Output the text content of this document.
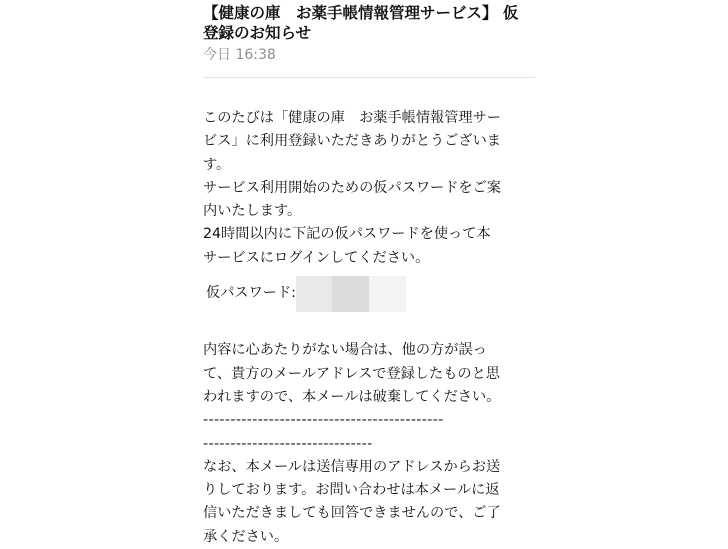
【健康の庫　お薬手帳情報管理サービス】 仮
登録のお知らせ
今日 16:38
このたびは「健康の庫　お薬手帳情報管理サー
ビス」に利用登録いただきありがとうございま
す。
サービス利用開始のための仮パスワードをご案
内いたします。
24時間以内に下記の仮パスワードを使って本
サービスにログインしてください。
仮パスワード:
内容に心あたりがない場合は、他の方が誤っ
て、貴方のメールアドレスで登録したものと思
われますので、本メールは破棄してください。
--------------------------------------------
-------------------------------
なお、本メールは送信専用のアドレスからお送
りしております。お問い合わせは本メールに返
信いただきましても回答できませんので、ご了
承ください。
